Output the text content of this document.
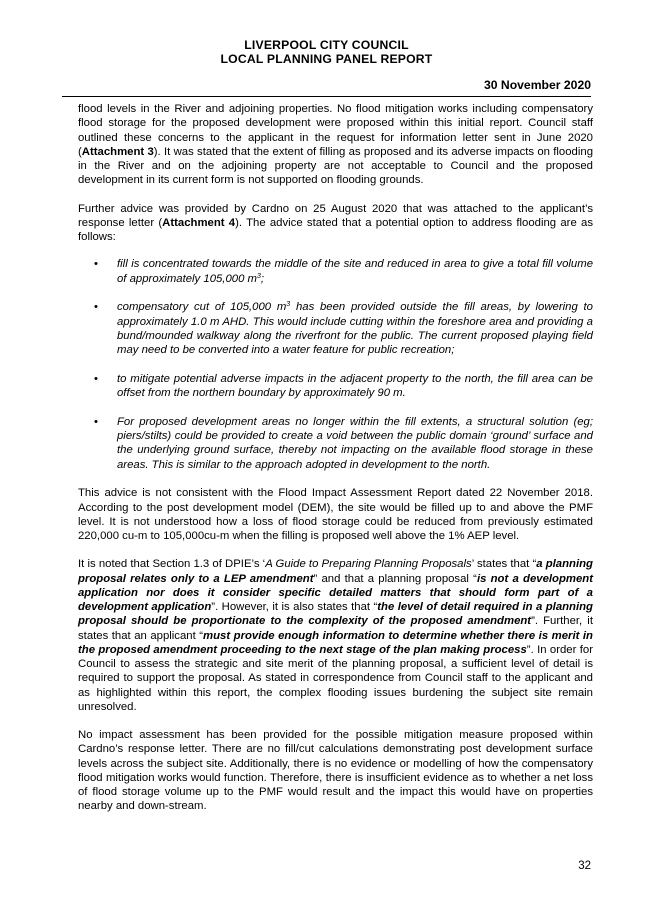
LIVERPOOL CITY COUNCIL
LOCAL PLANNING PANEL REPORT
30 November 2020

flood levels in the River and adjoining properties. No flood mitigation works including compensatory flood storage for the proposed development were proposed within this initial report. Council staff outlined these concerns to the applicant in the request for information letter sent in June 2020 (Attachment 3). It was stated that the extent of filling as proposed and its adverse impacts on flooding in the River and on the adjoining property are not acceptable to Council and the proposed development in its current form is not supported on flooding grounds.

Further advice was provided by Cardno on 25 August 2020 that was attached to the applicant’s response letter (Attachment 4). The advice stated that a potential option to address flooding are as follows:

• fill is concentrated towards the middle of the site and reduced in area to give a total fill volume of approximately 105,000 $m^3$;
• compensatory cut of 105,000 $m^3$ has been provided outside the fill areas, by lowering to approximately 1.0 m AHD. This would include cutting within the foreshore area and providing a bund/mounded walkway along the riverfront for the public. The current proposed playing field may need to be converted into a water feature for public recreation;
• to mitigate potential adverse impacts in the adjacent property to the north, the fill area can be offset from the northern boundary by approximately 90 m.
• For proposed development areas no longer within the fill extents, a structural solution (eg; piers/stilts) could be provided to create a void between the public domain ‘ground’ surface and the underlying ground surface, thereby not impacting on the available flood storage in these areas. This is similar to the approach adopted in development to the north.

This advice is not consistent with the Flood Impact Assessment Report dated 22 November 2018. According to the post development model (DEM), the site would be filled up to and above the PMF level. It is not understood how a loss of flood storage could be reduced from previously estimated 220,000 cu-m to 105,000cu-m when the filling is proposed well above the 1% AEP level.

It is noted that Section 1.3 of DPIE’s ‘A Guide to Preparing Planning Proposals’ states that “a planning proposal relates only to a LEP amendment” and that a planning proposal “is not a development application nor does it consider specific detailed matters that should form part of a development application”. However, it is also states that “the level of detail required in a planning proposal should be proportionate to the complexity of the proposed amendment”. Further, it states that an applicant “must provide enough information to determine whether there is merit in the proposed amendment proceeding to the next stage of the plan making process”. In order for Council to assess the strategic and site merit of the planning proposal, a sufficient level of detail is required to support the proposal. As stated in correspondence from Council staff to the applicant and as highlighted within this report, the complex flooding issues burdening the subject site remain unresolved.

No impact assessment has been provided for the possible mitigation measure proposed within Cardno’s response letter. There are no fill/cut calculations demonstrating post development surface levels across the subject site. Additionally, there is no evidence or modelling of how the compensatory flood mitigation works would function. Therefore, there is insufficient evidence as to whether a net loss of flood storage volume up to the PMF would result and the impact this would have on properties nearby and down-stream.

32
